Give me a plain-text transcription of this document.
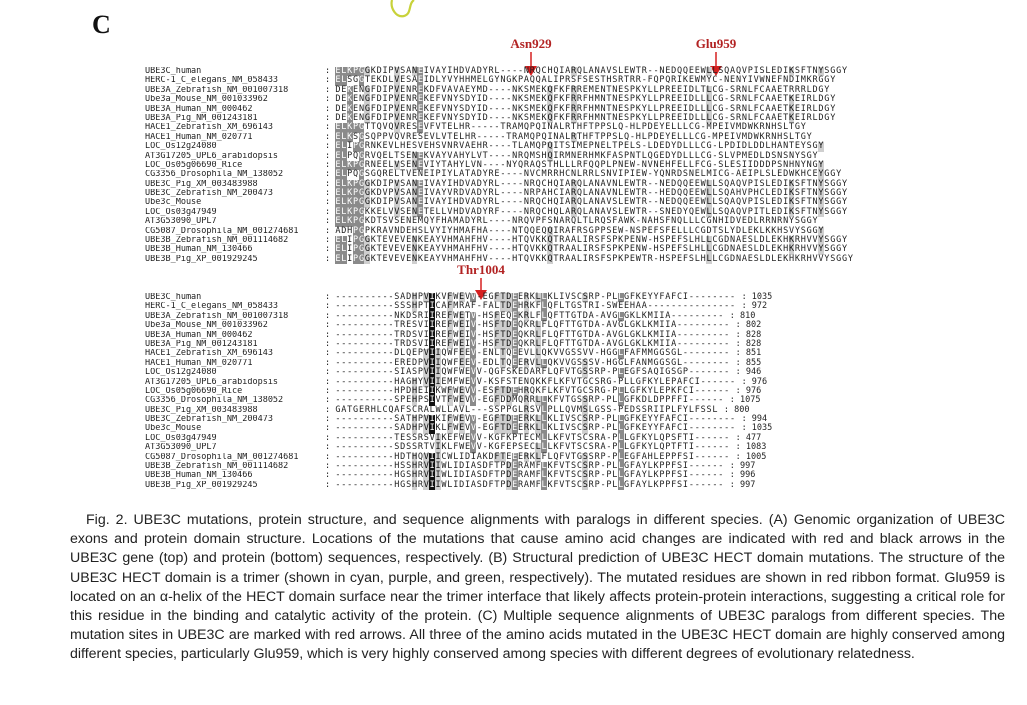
C
Asn929	Glu959
Thr1004
UBE3C_human	: E L K P G G K D I P V S A N E I V A Y I H D V A D Y R L - - - - N R Q C H Q I A R Q L A N A V S L E W T R - - N E D Q Q E E W L L S Q A Q V P I S L E D I K S F T N Y S G G Y
HERC-1_C_elegans_NM_058433	: E L S G G T E K D L V E S A E I D L Y V Y H H M E L G Y N G K P A Q Q A L I P R S F S E S T H S R T R R - F Q P Q R I K E W M Y C - N E N Y I V W N E F N D I M K R G G Y
UBE3A_Zebrafish_NM_001007318	: D E K E N G F D I P V E N R E K D F V A V A E Y M D - - - - N K S M E K Q F K F R R E M E N T N E S P K Y L L P R E E I D L T L C G - S R N L F C A A E T R R R L D G Y
Ube3a_Mouse_NM_001033962	: D E K E N G F D I P V E N R E K E F V N Y S D Y I D - - - - N K S M E K Q F K F R R F H M N T N E S P K Y L L P R E E I D L L L C G - S R N L F C A A E T K E I R L D G Y
UBE3A_Human_NM_000462	: D E K E N G F D I P V E N R E K E F V N Y S D Y I D - - - - N K S M E K Q F K F R R F H M N T N E S P K Y L L P R E E I D L L L C G - S R N L F C A A E T K E I R L D G Y
UBE3A_Pig_NM_001243181	: D E K E N G F D I P V E N R E K E F V N Y S D Y I D - - - - N K S M E K Q F K F R R F H M N T N E S P K Y L L P R E E I D L L L C G - S R N L F C A A E T K E I R L D G Y
HACE1_Zebrafish_XM_696143	: E L K P G T T Q V Q V R E S E V F V T E L H R - - - - - T R A M Q P Q I N A L R T H F T P P S L Q - H L P D E Y E L L L C G - M P E I V M D W K R N H S L T G Y
HACE1_Human_NM_020771	: E L K S G S Q P P V Q V R E S E V L V T E L H R - - - - - T R A M Q P Q I N A L R T H F T P P S L Q - H L P D E Y E L L L C G - M P E I V M D W K R N H S L T G Y
LOC_Os12g24080	: E L I P G R N K E V L H E S V E H S V N R V A E H R - - - - T L A M Q P Q I T S I M E P N E L T P E L S - L D E D Y D L L L C G - L P D I D L D D L H A N T E Y S G Y
AT3G17205_UPL6_arabidopsis	: E L P Q G R V Q E L T S E N E K V A Y V A H Y L V T - - - - N R Q M S H Q I R M N E R H M K F A S P N T L Q G E D Y D L L L C G - S L V P M E D L D S N S N Y S G Y
LOC_Os05g06690_Rice	: E L K P G R N E E L V S E N E V I Y T A H Y L V N - - - - N Y Q R A Q S T H L L L R F Q Q P L P N E W - N V N E H F E L L F C G - S L E S I I D D D P S N H N Y N G Y
CG3356_Drosophila_NM_138052	: E L P Q G S G Q R E L T V E N E I P I Y L A T A D Y R E - - - - N V C M R R H C N L R R L S N V I P I E W - Y Q N R D S N E L M I C G - A E I P L S L E D W K H C E Y G G Y
UBE3C_Pig_XM_003483988	: E L K P G G K D I P V S A N E I V A Y I H D V A D Y R L - - - - N R Q C H Q I A R Q L A N A V N L E W T R - - N E D Q Q E E W L L S Q A Q V P I S L E D I K S F T N Y S G G Y
UBE3C_Zebrafish_NM_200473	: E L K P G G K D V P V S A N E I V A Y V R D V A D Y R L - - - - N R P A H C I A R Q L A N A V N L E W T R - - H E D Q Q E E W L L S Q A H V P H C L E D I K S F T N Y S G G Y
Ube3c_Mouse	: E L K P G G K D I P V S A N E I V A Y I H D V A D Y R L - - - - N R Q C H Q I A R Q L A N A V S L E W T R - - N E D Q Q E E W L L S Q A Q V P I S L E D I K S F T N Y S G G Y
LOC_Os03g47949	: E L K P G K K E L V V S E N E T E L L V H D V A D Y R F - - - - N R Q C H Q L A R Q L A N A V S L E W T R - - S N E D Y Q E W L L S Q A Q V P I T L E D I K S F T N Y S G G Y
AT3G53090_UPL7	: E L K P G K D T S V S E N E M Q Y F H A M A D Y R L - - - - N R Q V P F S N A R Q L T L R Q S F A W K - N A H S F N Q L L L C G N H I D V E D L R R N R N Y S G G Y
CG5087_Drosophila_NM_001274681	: A D H P G P K R A V N D E H S L V Y I Y H M A F H A - - - - N T Q Q E Q Q I R A F R S G P P S E W - N S P E F S F E L L L C G D T S L Y D L E K L K K H S V Y S G G Y
UBE3B_Zebrafish_NM_001114682	: E L I P G G K T E V E V E N K E A Y V H M A H F H V - - - - H T Q V K K Q T R A A L I R S F S P K P E N W - H S P E F S L H L L C G D N A E S L D L E K H K R H V V Y S G G Y
UBE3B_Human_NM_130466	: E L I P G G K T E V E V E N K E A Y V H M A H F H V - - - - H T Q V K K Q T R A A L I R S F S P K P E N W - H S P E F S L H L L C G D N A E S L D L E K H K R H V V Y S G G Y
UBE3B_Pig_XP_001929245	: E L I P G G K T E V E V E N K E A Y V H M A H F H V - - - - H T Q V K K Q T R A A L I R S F S P K P E W T R - H S P E F S L H L L C G D N A E S L D L E K H K R H V V Y S G G Y
UBE3C_human	: - - - - - - - - - - S A D H P V I K V F W E V V - E G F T D E E R K L L K L I V S C S R P - P L L G F K E Y Y F A F C I - - - - - - - - : 1035
HERC-1_C_elegans_NM_058433	: - - - - - - - - - - S S S H P T I C A F M R A F - F A L T D E H R K F L Q F L T G S T R I - S W E E H A A - - - - - - - - - - - - - - - : 972
UBE3A_Zebrafish_NM_001007318	: - - - - - - - - - - N K D S R I I R E F W E T V - H S F E Q E K R L F L Q F T T G T D A - A V G L G K L K M I I A - - - - - - - - - : 810
Ube3a_Mouse_NM_001033962	: - - - - - - - - - - T R E S V I I R E F W E I V - H S F T D E Q K R L F L Q F T T G T D A - A V G L G K L K M I I A - - - - - - - - - : 802
UBE3A_Human_NM_000462	: - - - - - - - - - - T R D S V I I R E F W E I V - H S F T D E Q K R L F L Q F T T G T D A - A V G L G K L K M I I A - - - - - - - - - : 828
UBE3A_Pig_NM_001243181	: - - - - - - - - - - T R D S V I I R E F W E I V - H S F T D E Q K R L F L Q F T T G T D A - A V G L G K L K M I I A - - - - - - - - - : 828
HACE1_Zebrafish_XM_696143	: - - - - - - - - - - D L Q E P V I I Q W F E E V - E N L T Q E E V L L Q K V V G S S V V - H G G L F A F M M G G S G L - - - - - - - - : 851
HACE1_Human_NM_020771	: - - - - - - - - - - E R E D P V I I Q W F E E V - E D L T Q E E R V L L Q K V V G S S S V - H G G L F A N M G G S G L - - - - - - - - : 855
LOC_Os12g24080	: - - - - - - - - - - S I A S P V I I Q W F W E V V - Q G F S K E D A R F L Q F V T G S S R P - P L E G F S A Q I G S G P - - - - - - - : 946
AT3G17205_UPL6_arabidopsis	: - - - - - - - - - - H A G H Y V I I E M F W E V V - K S F S T E N Q K K F L K F V T G C S R G - P L L G F K Y L E P A F C I - - - - - - : 976
LOC_Os05g06690_Rice	: - - - - - - - - - - H P D H E I I K W F W E V V - E S F T D E H R Q K F L K F V T G C S R G - P L L G F K Y L E P K F C I - - - - - - : 976
CG3356_Drosophila_NM_138052	: - - - - - - - - - - S P E H P S I V T F W E V V - E G F D D M Q R R L L K F V T G S S R P - P L L G F K D L D P P F F I - - - - - - : 1075
UBE3C_Pig_XM_003483988	: G A T G E R H L C Q A F S C R A L W L L A V L - - - S S P P G L R S V L P L L Q V M S L G S S - P E D S S R I I P L F Y L F S S L : 800
UBE3C_Zebrafish_NM_200473	: - - - - - - - - - - S A T H P V I K I F W E V V - E G F T D E E R K L L K L I V S C S R P - P L L G F K E Y Y F A F C I - - - - - - - - : 994
Ube3c_Mouse	: - - - - - - - - - - S A D H P V I K L F W E V V - E G F T D E E R K L L K L I V S C S R P - P L L G F K E Y Y F A F C I - - - - - - - - : 1035
LOC_Os03g47949	: - - - - - - - - - - T E S S R S V I K E F W E V V - K G F K P T E C M L L K F V T S C S R A - P L L G F K Y L Q P S F T I - - - - - - : 477
AT3G53090_UPL7	: - - - - - - - - - - S D S S R T V I K L F W E V V - K G F E P S E C L L L K F V T S C S R A - P L L G F K Y L Q P T F T I - - - - - - : 1083
CG5087_Drosophila_NM_001274681	: - - - - - - - - - - H D T H Q V I I C W L I D I A K D F T E E E R K L F L Q F V T G S S R P - P L E G F A H L E P P F S I - - - - - - : 1005
UBE3B_Zebrafish_NM_001114682	: - - - - - - - - - - H S S H R V I I W L I D I A S D F T P D E R A M F L K F V T S C S R P - P L L G F A Y L K P P F S I - - - - - - : 997
UBE3B_Human_NM_130466	: - - - - - - - - - - H G S H R V I I W L I D I A S D F T P D E R A M F L K F V T S C S R P - P L L G F A Y L K P P F S I - - - - - - : 996
UBE3B_Pig_XP_001929245	: - - - - - - - - - - H G S H R V I I W L I D I A S D F T P D E R A M F L K F V T S C S R P - P L L G F A Y L K P P F S I - - - - - - : 997

Fig. 2. UBE3C mutations, protein structure, and sequence alignments with paralogs in different species. (A) Genomic organization of UBE3C exons and protein domain structure. Locations of the mutations that cause amino acid changes are indicated with red and black arrows in the UBE3C gene (top) and protein (bottom) sequences, respectively. (B) Structural prediction of UBE3C HECT domain mutations. The structure of the UBE3C HECT domain is a trimer (shown in cyan, purple, and green, respectively). The mutated residues are shown in red ribbon format. Glu959 is located on an α-helix of the HECT domain surface near the trimer interface that likely affects protein-protein interactions, suggesting a critical role for this residue in the binding and catalytic activity of the protein. (C) Multiple sequence alignments of UBE3C paralogs from different species. The mutation sites in UBE3C are marked with red arrows. All three of the amino acids mutated in the UBE3C HECT domain are highly conserved among different species, particularly Glu959, which is very highly conserved among species with different degrees of evolutionary relatedness.
